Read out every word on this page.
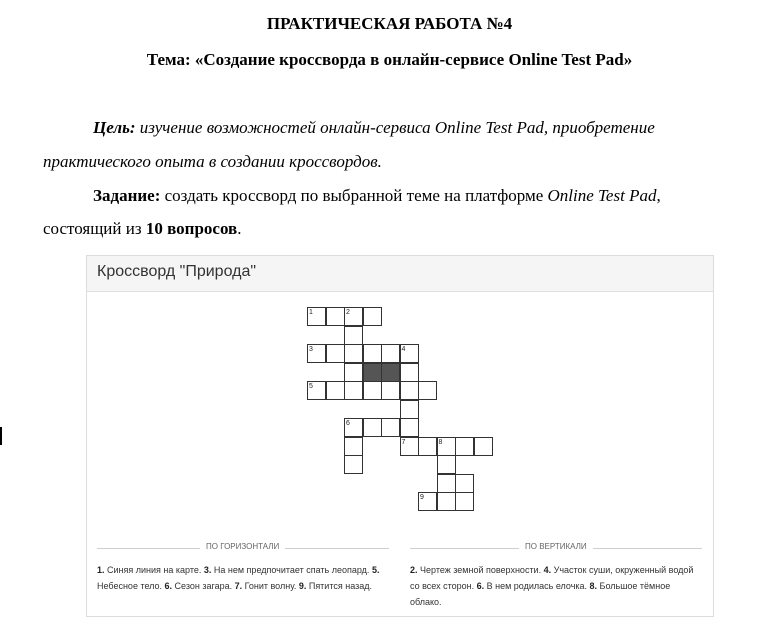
ПРАКТИЧЕСКАЯ РАБОТА №4
Тема: «Создание кроссворда в онлайн-сервисе Online Test Pad»
Цель: изучение возможностей онлайн-сервиса Online Test Pad, приобретение
практического опыта в создании кроссвордов.
Задание: создать кроссворд по выбранной теме на платформе Online Test Pad,
состоящий из 10 вопросов.
Кроссворд "Природа"
1	2
3	4
5
6
7	8
9
ПО ГОРИЗОНТАЛИ	ПО ВЕРТИКАЛИ
1. Синяя линия на карте. 3. На нем предпочитает спать леопард. 5. Небесное тело. 6. Сезон загара. 7. Гонит волну. 9. Пятится назад.
2. Чертеж земной поверхности. 4. Участок суши, окруженный водой со всех сторон. 6. В нем родилась елочка. 8. Большое тёмное облако.
